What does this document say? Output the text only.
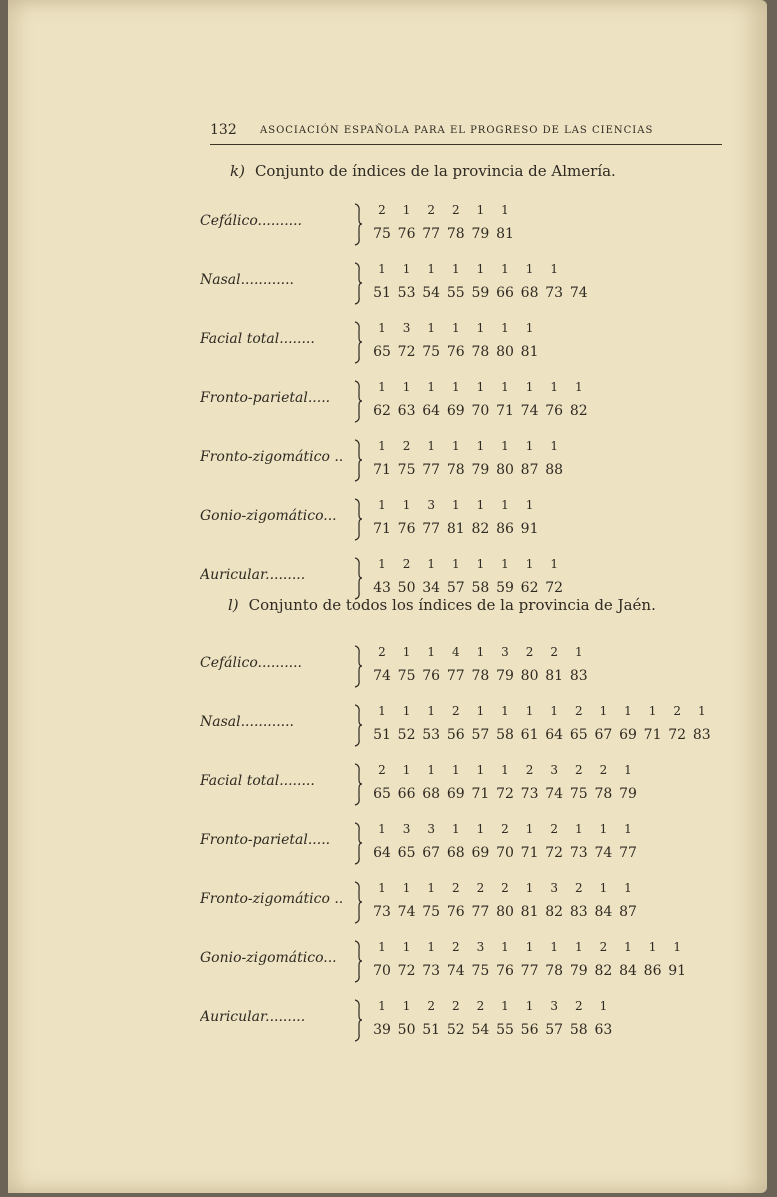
132 ASOCIACIÓN ESPAÑOLA PARA EL PROGRESO DE LAS CIENCIAS
k) Conjunto de índices de la provincia de Almería.
Cefálico..........
2
75
1
76
2
77
2
78
1
79
1
81
Nasal............
1
51
1
53
1
54
1
55
1
59
1
66
1
68
1
73 74
Facial total........
1
65
3
72
1
75
1
76
1
78
1
80
1
81
Fronto-parietal.....
1
62
1
63
1
64
1
69
1
70
1
71
1
74
1
76
1
82
Fronto-zigomático ..
1
71
2
75
1
77
1
78
1
79
1
80
1
87
1
88
Gonio-zigomático...
1
71
1
76
3
77
1
81
1
82
1
86
1
91
Auricular.........
1
43
2
50
1
34
1
57
1
58
1
59
1
62
1
72
l) Conjunto de todos los índices de la provincia de Jaén.
Cefálico..........
2
74
1
75
1
76
4
77
1
78
3
79
2
80
2
81
1
83
Nasal............
1
51
1
52
1
53
2
56
1
57
1
58
1
61
1
64
2
65
1
67
1
69
1
71
2
72
1
83
Facial total........
2
65
1
66
1
68
1
69
1
71
1
72
2
73
3
74
2
75
2
78
1
79
Fronto-parietal.....
1
64
3
65
3
67
1
68
1
69
2
70
1
71
2
72
1
73
1
74
1
77
Fronto-zigomático ..
1
73
1
74
1
75
2
76
2
77
2
80
1
81
3
82
2
83
1
84
1
87
Gonio-zigomático...
1
70
1
72
1
73
2
74
3
75
1
76
1
77
1
78
1
79
2
82
1
84
1
86
1
91
Auricular.........
1
39
1
50
2
51
2
52
2
54
1
55
1
56
3
57
2
58
1
63
